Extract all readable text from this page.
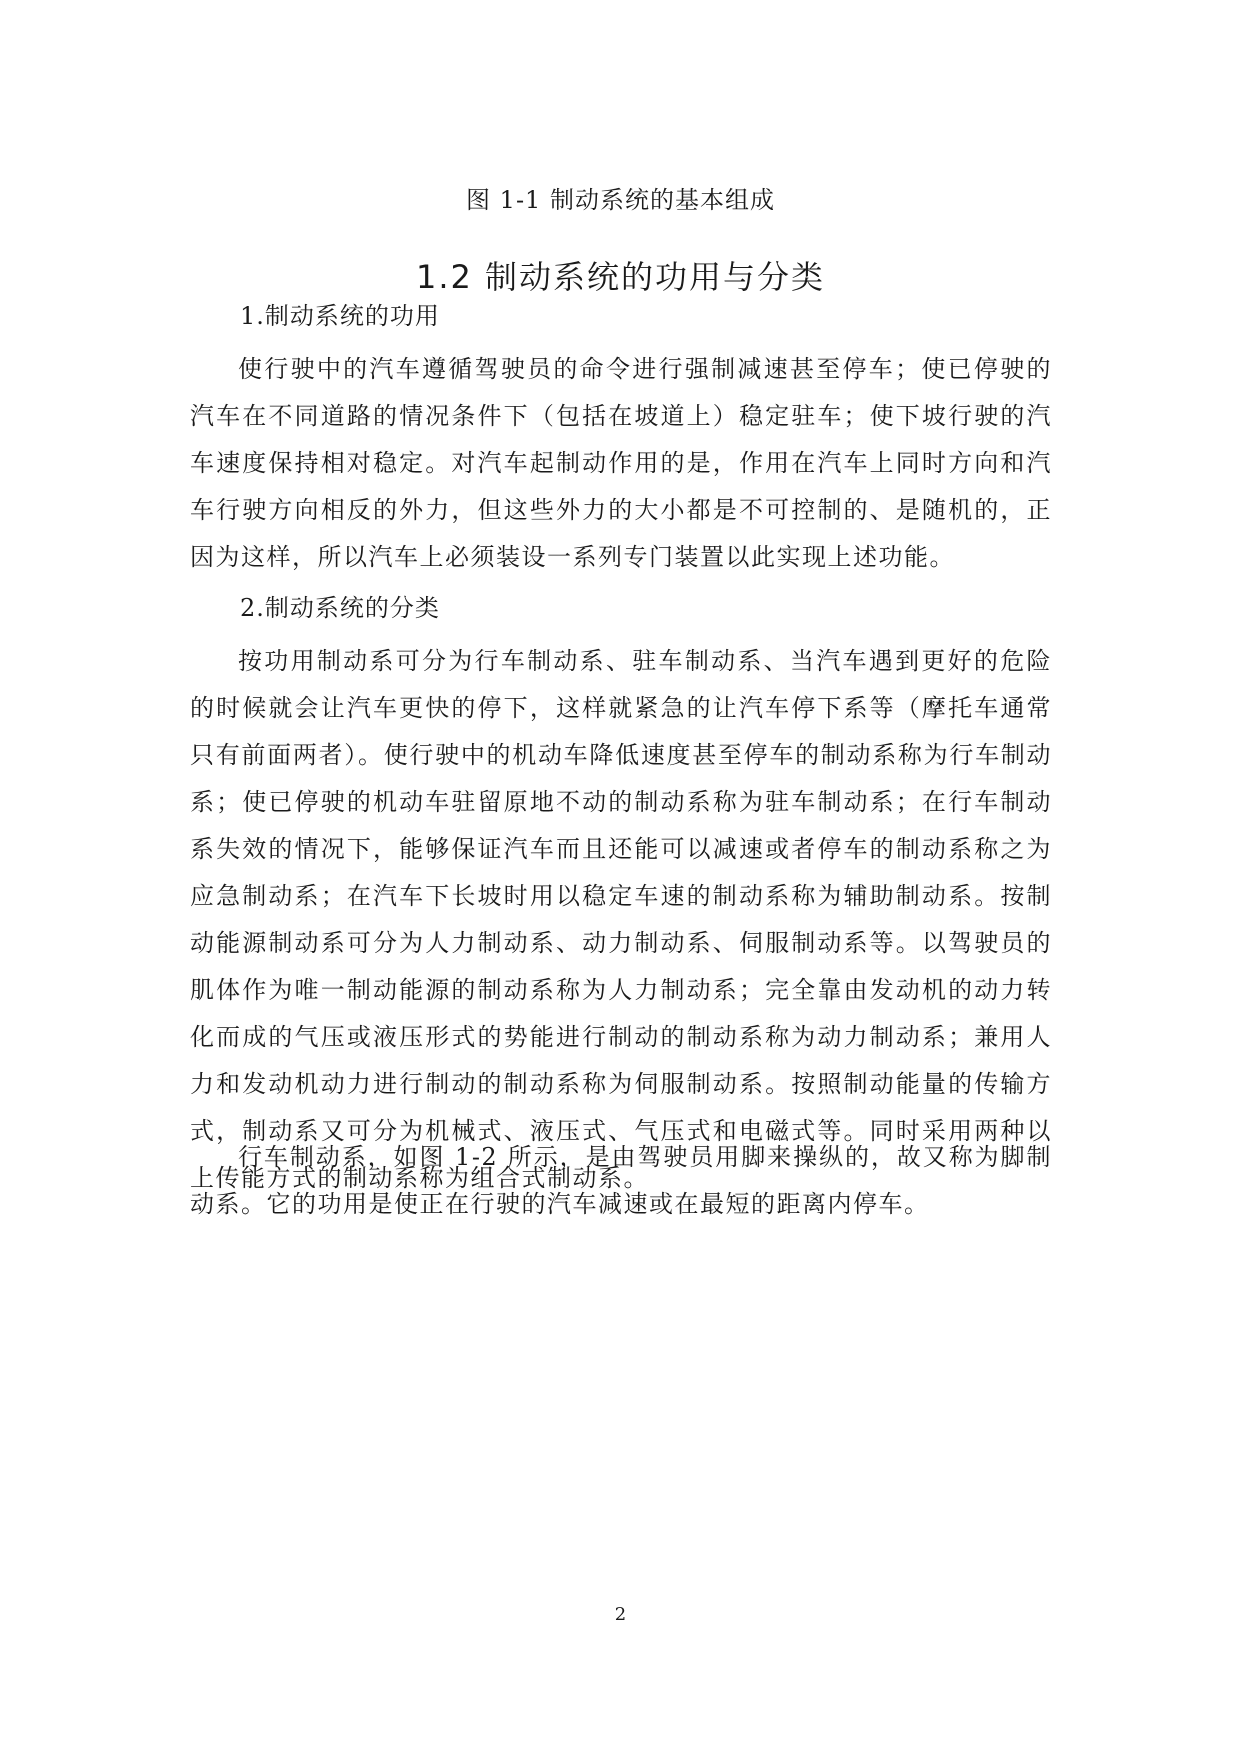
图 1-1 制动系统的基本组成
1.2 制动系统的功用与分类
1.制动系统的功用

使行驶中的汽车遵循驾驶员的命令进行强制减速甚至停车；使已停驶的汽车在不同道路的情况条件下（包括在坡道上）稳定驻车；使下坡行驶的汽车速度保持相对稳定。对汽车起制动作用的是，作用在汽车上同时方向和汽车行驶方向相反的外力，但这些外力的大小都是不可控制的、是随机的，正因为这样，所以汽车上必须装设一系列专门装置以此实现上述功能。

2.制动系统的分类

按功用制动系可分为行车制动系、驻车制动系、当汽车遇到更好的危险的时候就会让汽车更快的停下，这样就紧急的让汽车停下系等（摩托车通常只有前面两者）。使行驶中的机动车降低速度甚至停车的制动系称为行车制动系；使已停驶的机动车驻留原地不动的制动系称为驻车制动系；在行车制动系失效的情况下，能够保证汽车而且还能可以减速或者停车的制动系称之为应急制动系；在汽车下长坡时用以稳定车速的制动系称为辅助制动系。按制动能源制动系可分为人力制动系、动力制动系、伺服制动系等。以驾驶员的肌体作为唯一制动能源的制动系称为人力制动系；完全靠由发动机的动力转化而成的气压或液压形式的势能进行制动的制动系称为动力制动系；兼用人力和发动机动力进行制动的制动系称为伺服制动系。按照制动能量的传输方式，制动系又可分为机械式、液压式、气压式和电磁式等。同时采用两种以上传能方式的制动系称为组合式制动系。

行车制动系，如图 1-2 所示，是由驾驶员用脚来操纵的，故又称为脚制动系。它的功用是使正在行驶的汽车减速或在最短的距离内停车。

2
